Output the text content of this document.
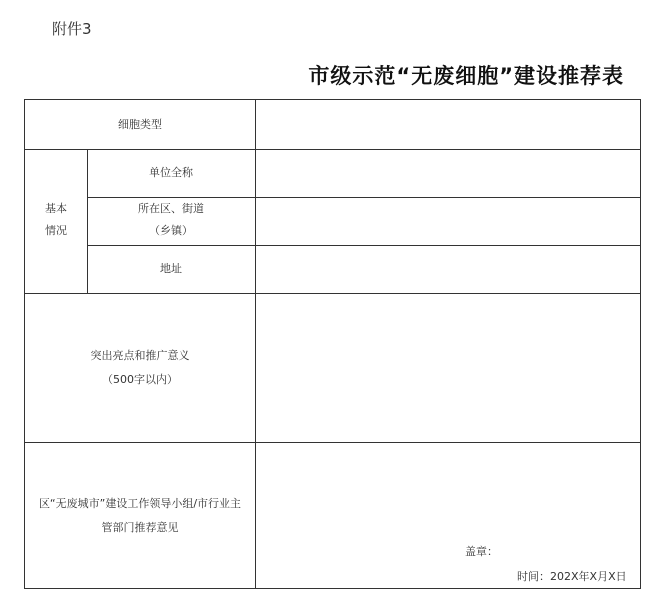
附件3
市级示范“无废细胞”建设推荐表
细胞类型
基本
情况
单位全称
所在区、街道
（乡镇）
地址
突出亮点和推广意义
（500字以内）
区“无废城市”建设工作领导小组/市行业主
管部门推荐意见
盖章：
时间：202X年X月X日
